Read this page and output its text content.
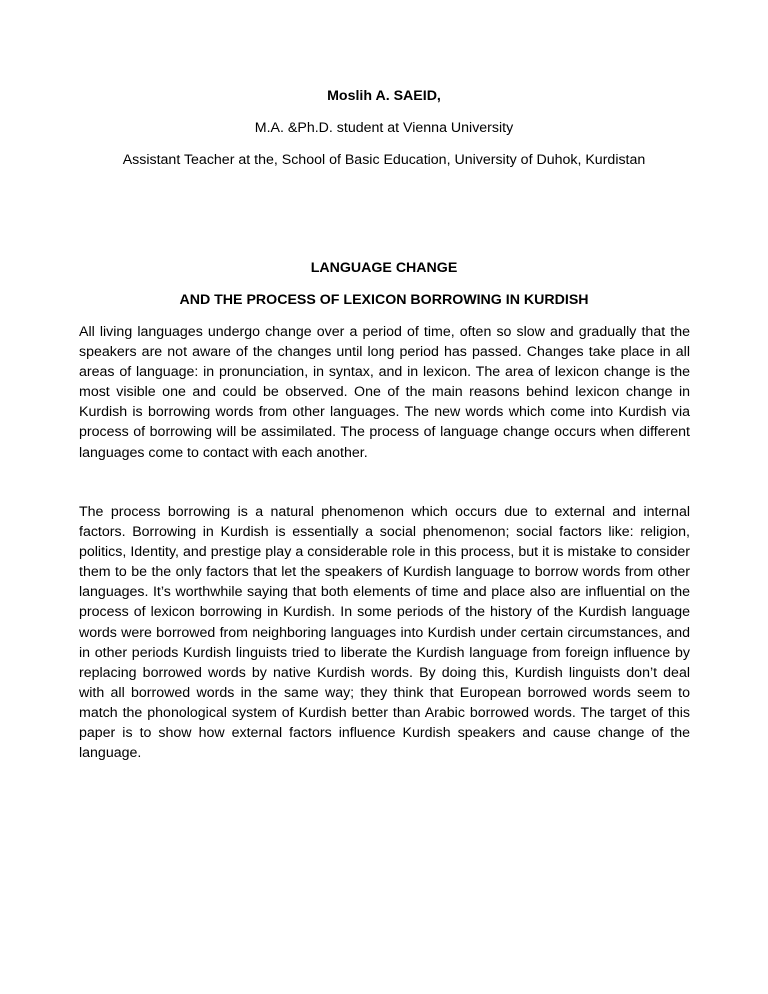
Moslih A. SAEID,
M.A. &Ph.D. student at Vienna University
Assistant Teacher at the, School of Basic Education, University of Duhok, Kurdistan
LANGUAGE CHANGE
AND THE PROCESS OF LEXICON BORROWING IN KURDISH

All living languages undergo change over a period of time, often so slow and gradually that the speakers are not aware of the changes until long period has passed. Changes take place in all areas of language: in pronunciation, in syntax, and in lexicon. The area of lexicon change is the most visible one and could be observed. One of the main reasons behind lexicon change in Kurdish is borrowing words from other languages. The new words which come into Kurdish via process of borrowing will be assimilated. The process of language change occurs when different languages come to contact with each another.

The process borrowing is a natural phenomenon which occurs due to external and internal factors. Borrowing in Kurdish is essentially a social phenomenon; social factors like: religion, politics, Identity, and prestige play a considerable role in this process, but it is mistake to consider them to be the only factors that let the speakers of Kurdish language to borrow words from other languages. It’s worthwhile saying that both elements of time and place also are influential on the process of lexicon borrowing in Kurdish. In some periods of the history of the Kurdish language words were borrowed from neighboring languages into Kurdish under certain circumstances, and in other periods Kurdish linguists tried to liberate the Kurdish language from foreign influence by replacing borrowed words by native Kurdish words. By doing this, Kurdish linguists don’t deal with all borrowed words in the same way; they think that European borrowed words seem to match the phonological system of Kurdish better than Arabic borrowed words. The target of this paper is to show how external factors influence Kurdish speakers and cause change of the language.
